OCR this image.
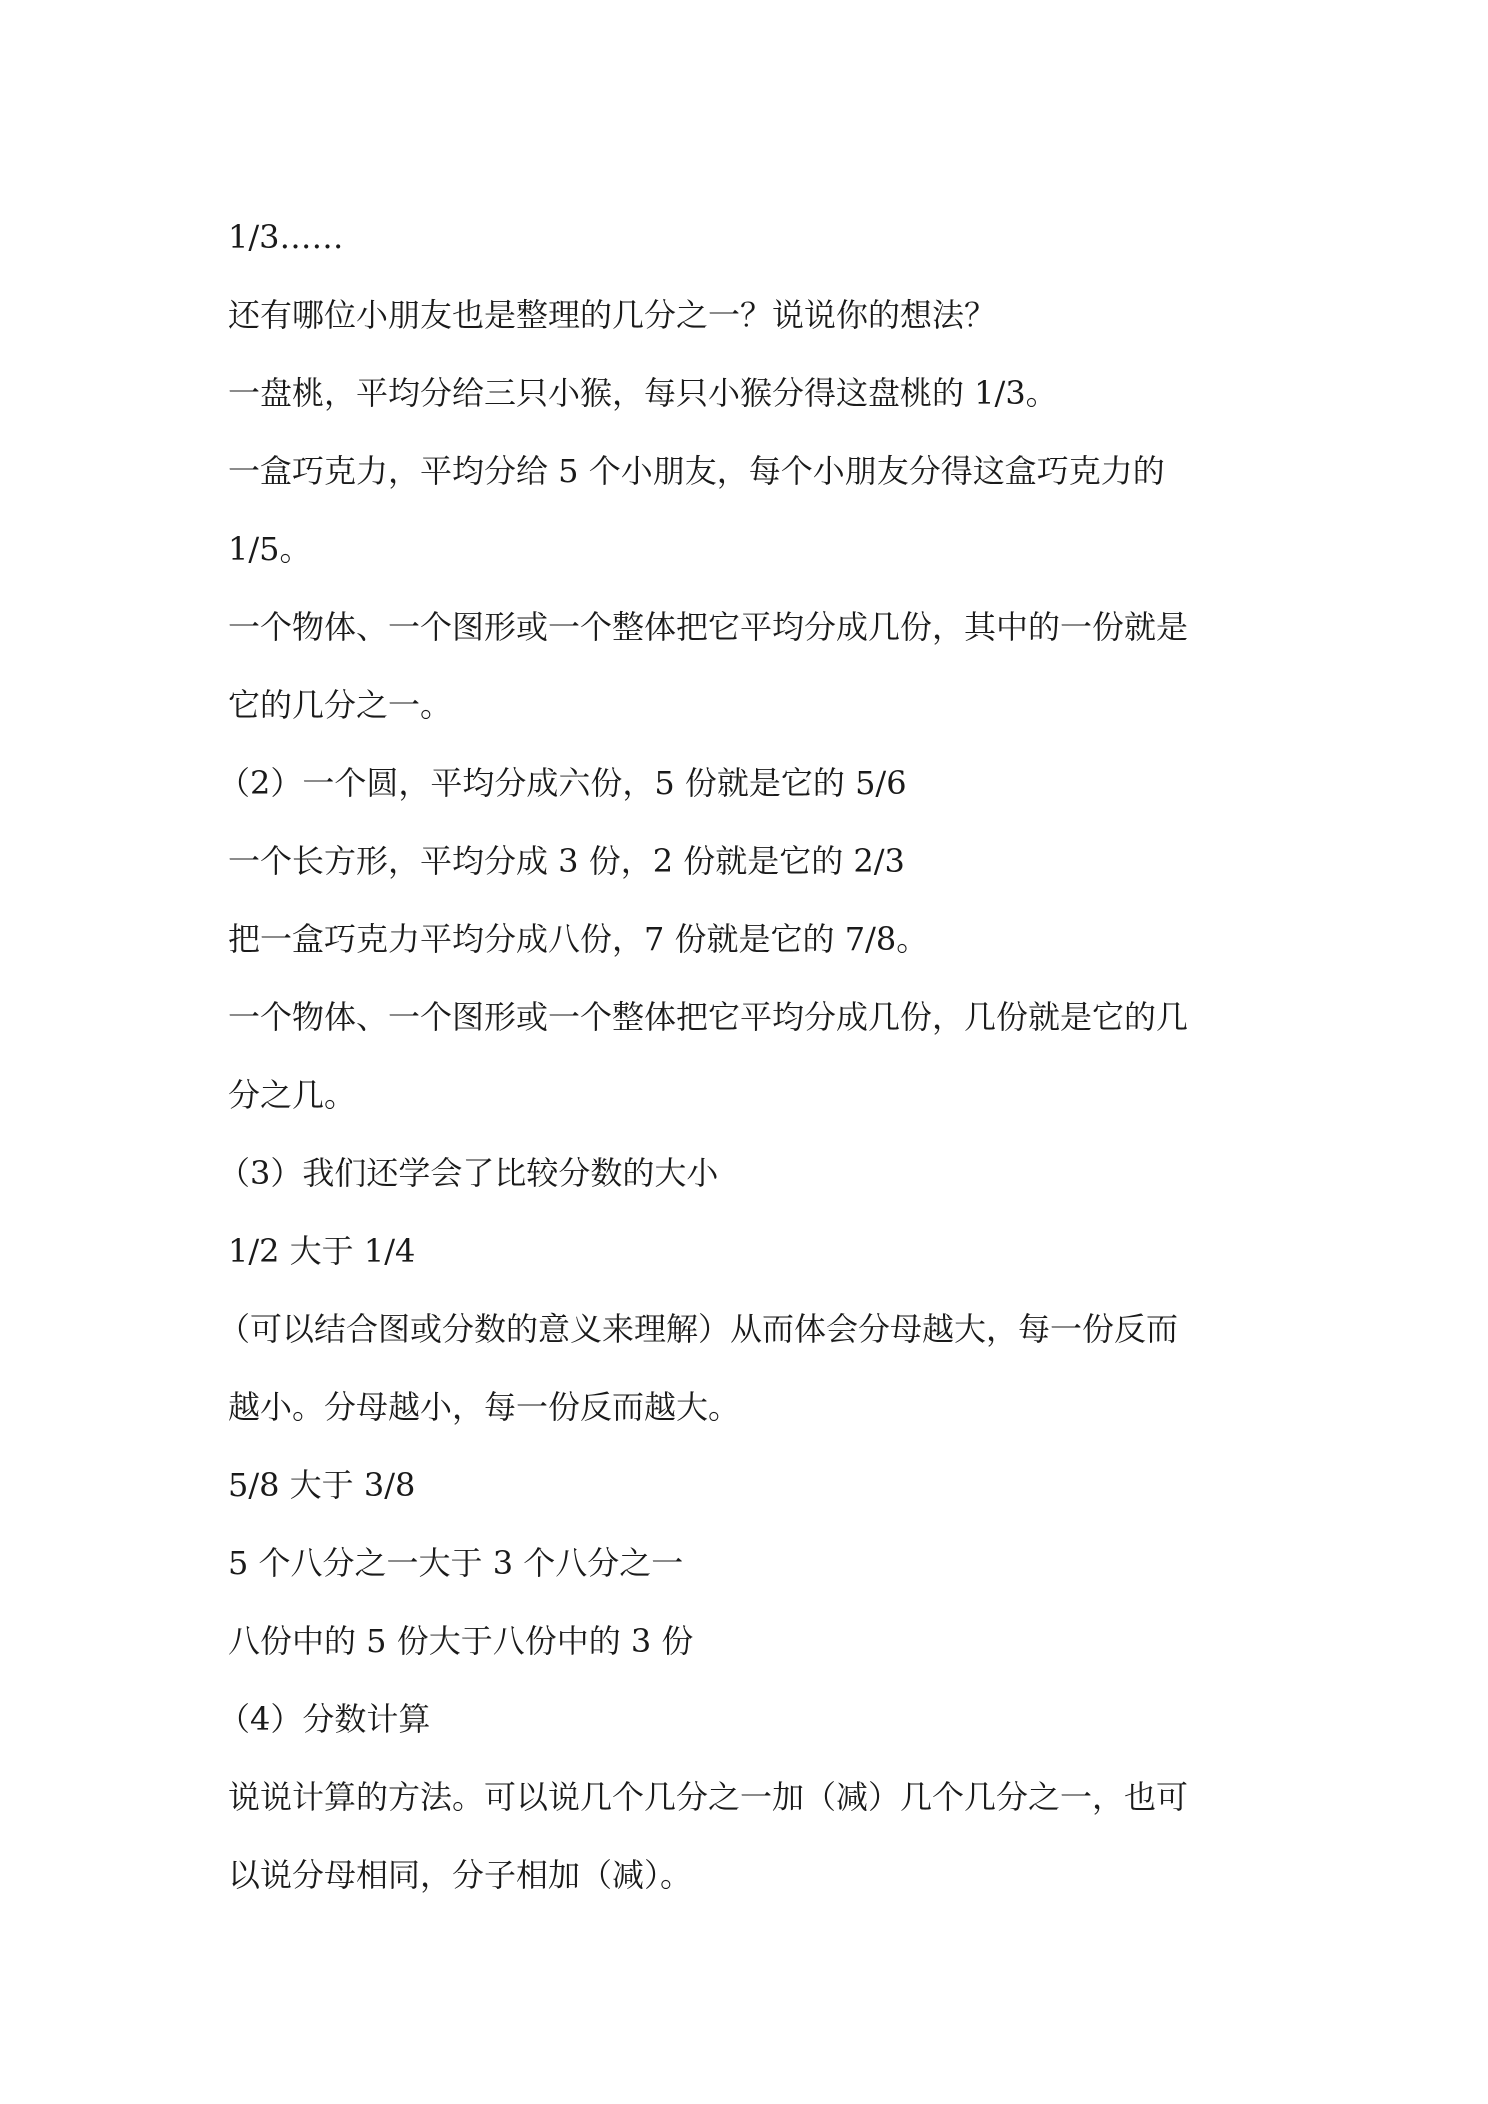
1/3……
还有哪位小朋友也是整理的几分之一？说说你的想法？
一盘桃，平均分给三只小猴，每只小猴分得这盘桃的 1/3。
一盒巧克力，平均分给 5 个小朋友，每个小朋友分得这盒巧克力的
1/5。
一个物体、一个图形或一个整体把它平均分成几份，其中的一份就是
它的几分之一。
（2）一个圆，平均分成六份，5 份就是它的 5/6
一个长方形，平均分成 3 份，2 份就是它的 2/3
把一盒巧克力平均分成八份，7 份就是它的 7/8。
一个物体、一个图形或一个整体把它平均分成几份，几份就是它的几
分之几。
（3）我们还学会了比较分数的大小
1/2 大于 1/4
（可以结合图或分数的意义来理解）从而体会分母越大，每一份反而
越小。分母越小，每一份反而越大。
5/8 大于 3/8
5 个八分之一大于 3 个八分之一
八份中的 5 份大于八份中的 3 份
（4）分数计算
说说计算的方法。可以说几个几分之一加（减）几个几分之一，也可
以说分母相同，分子相加（减）。
